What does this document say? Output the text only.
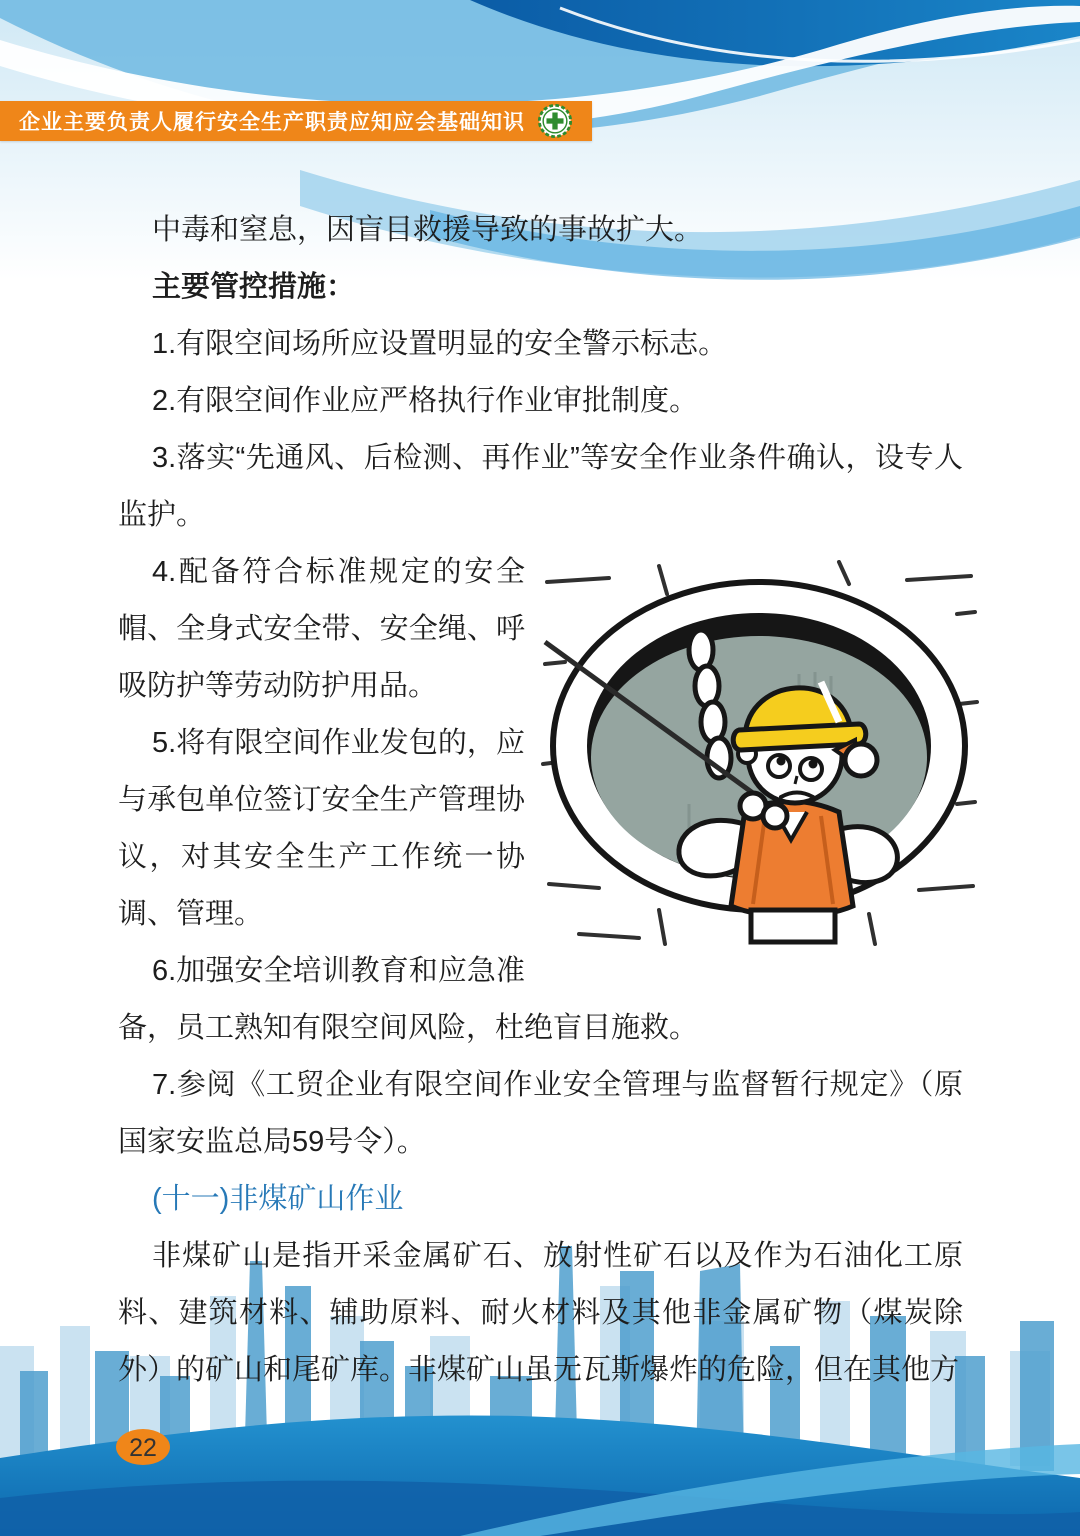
企业主要负责人履行安全生产职责应知应会基础知识

中毒和窒息，因盲目救援导致的事故扩大。

主要管控措施：

1.有限空间场所应设置明显的安全警示标志。

2.有限空间作业应严格执行作业审批制度。

3.落实“先通风、后检测、再作业”等安全作业条件确认，设专人监护。

4.配备符合标准规定的安全帽、全身式安全带、安全绳、呼吸防护等劳动防护用品。

5.将有限空间作业发包的，应与承包单位签订安全生产管理协议，对其安全生产工作统一协调、管理。

6.加强安全培训教育和应急准备，员工熟知有限空间风险，杜绝盲目施救。

7.参阅《工贸企业有限空间作业安全管理与监督暂行规定》（原国家安监总局59号令）。

(十一)非煤矿山作业

非煤矿山是指开采金属矿石、放射性矿石以及作为石油化工原料、建筑材料、辅助原料、耐火材料及其他非金属矿物（煤炭除外）的矿山和尾矿库。非煤矿山虽无瓦斯爆炸的危险，但在其他方

22
